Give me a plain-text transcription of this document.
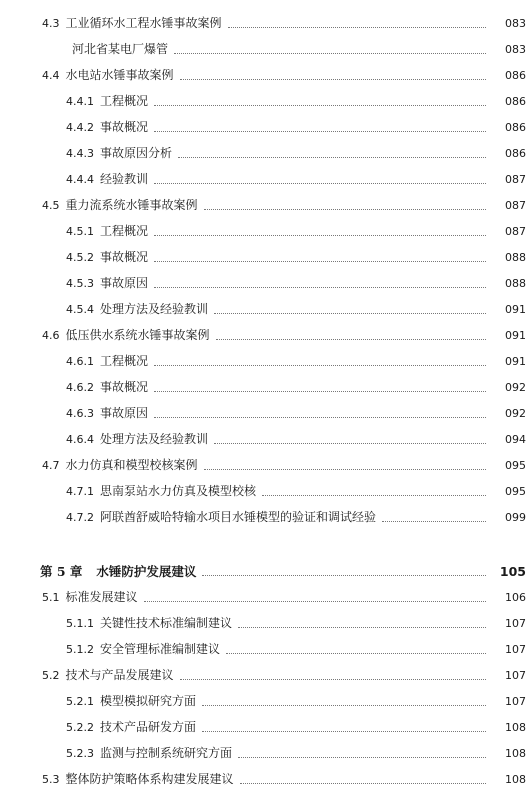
4.3 工业循环水工程水锤事故案例	083
河北省某电厂爆管	083
4.4 水电站水锤事故案例	086
4.4.1 工程概况	086
4.4.2 事故概况	086
4.4.3 事故原因分析	086
4.4.4 经验教训	087
4.5 重力流系统水锤事故案例	087
4.5.1 工程概况	087
4.5.2 事故概况	088
4.5.3 事故原因	088
4.5.4 处理方法及经验教训	091
4.6 低压供水系统水锤事故案例	091
4.6.1 工程概况	091
4.6.2 事故概况	092
4.6.3 事故原因	092
4.6.4 处理方法及经验教训	094
4.7 水力仿真和模型校核案例	095
4.7.1 思南泵站水力仿真及模型校核	095
4.7.2 阿联酋舒威哈特输水项目水锤模型的验证和调试经验	099
第 5 章 水锤防护发展建议	105
5.1 标准发展建议	106
5.1.1 关键性技术标准编制建议	107
5.1.2 安全管理标准编制建议	107
5.2 技术与产品发展建议	107
5.2.1 模型模拟研究方面	107
5.2.2 技术产品研发方面	108
5.2.3 监测与控制系统研究方面	108
5.3 整体防护策略体系构建发展建议	108
